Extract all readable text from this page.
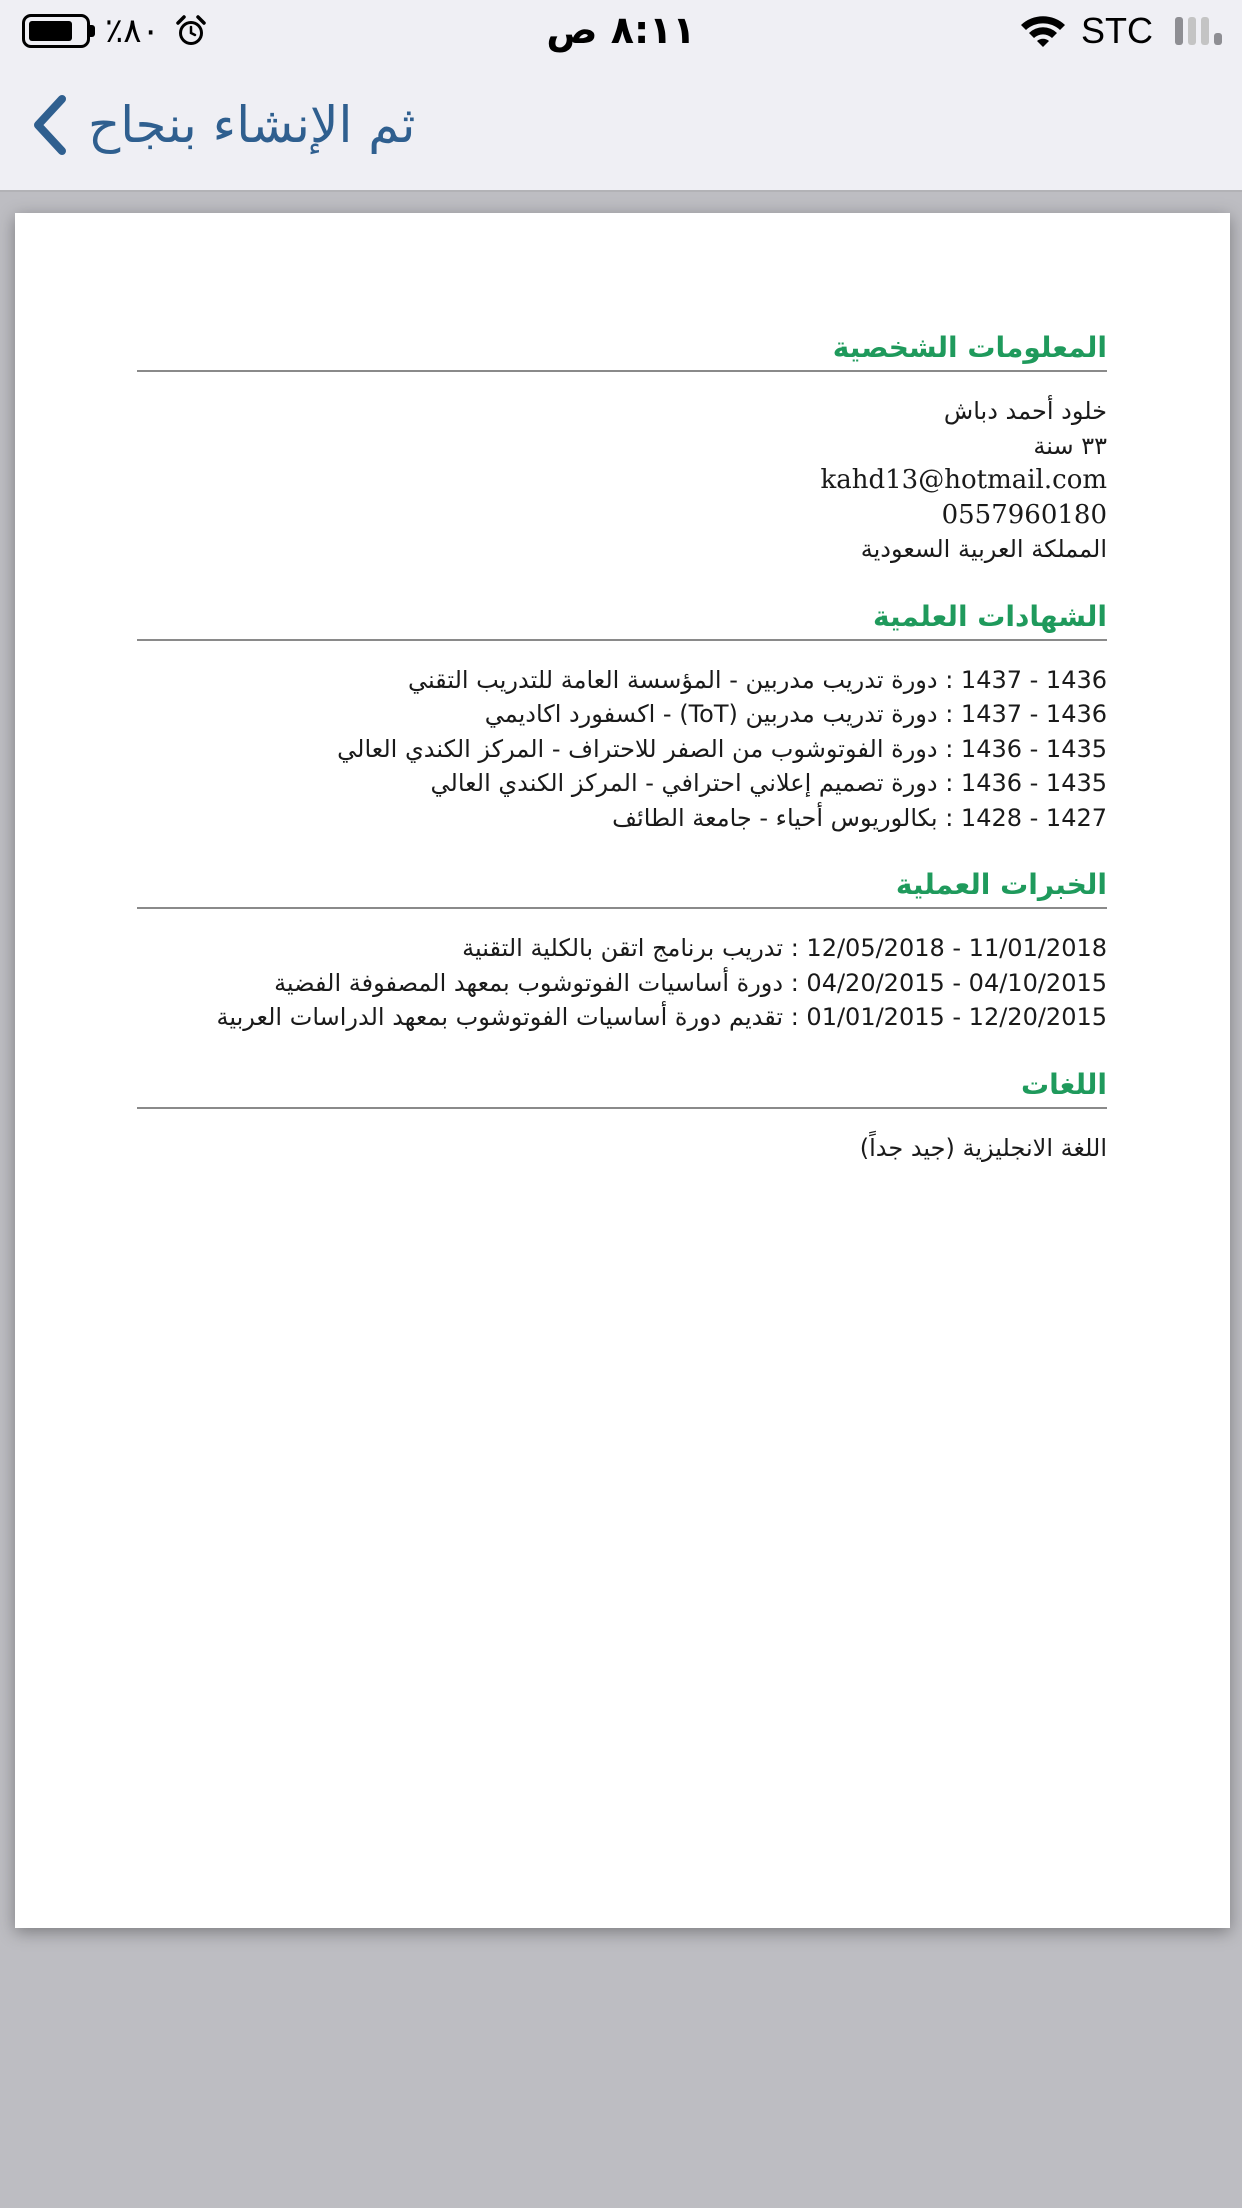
٪٨٠	٨:١١ ص	STC
ثم الإنشاء بنجاح
المعلومات الشخصية
خلود أحمد دباش
٣٣ سنة
kahd13@hotmail.com
0557960180
المملكة العربية السعودية
الشهادات العلمية
1436 - 1437 : دورة تدريب مدربين - المؤسسة العامة للتدريب التقني
1436 - 1437 : دورة تدريب مدربين (ToT) - اكسفورد اكاديمي
1435 - 1436 : دورة الفوتوشوب من الصفر للاحتراف - المركز الكندي العالي
1435 - 1436 : دورة تصميم إعلاني احترافي - المركز الكندي العالي
1427 - 1428 : بكالوريوس أحياء - جامعة الطائف
الخبرات العملية
11/01/2018 - 12/05/2018 : تدريب برنامج اتقن بالكلية التقنية
04/10/2015 - 04/20/2015 : دورة أساسيات الفوتوشوب بمعهد المصفوفة الفضية
12/20/2015 - 01/01/2015 : تقديم دورة أساسيات الفوتوشوب بمعهد الدراسات العربية
اللغات
اللغة الانجليزية (جيد جداً)
